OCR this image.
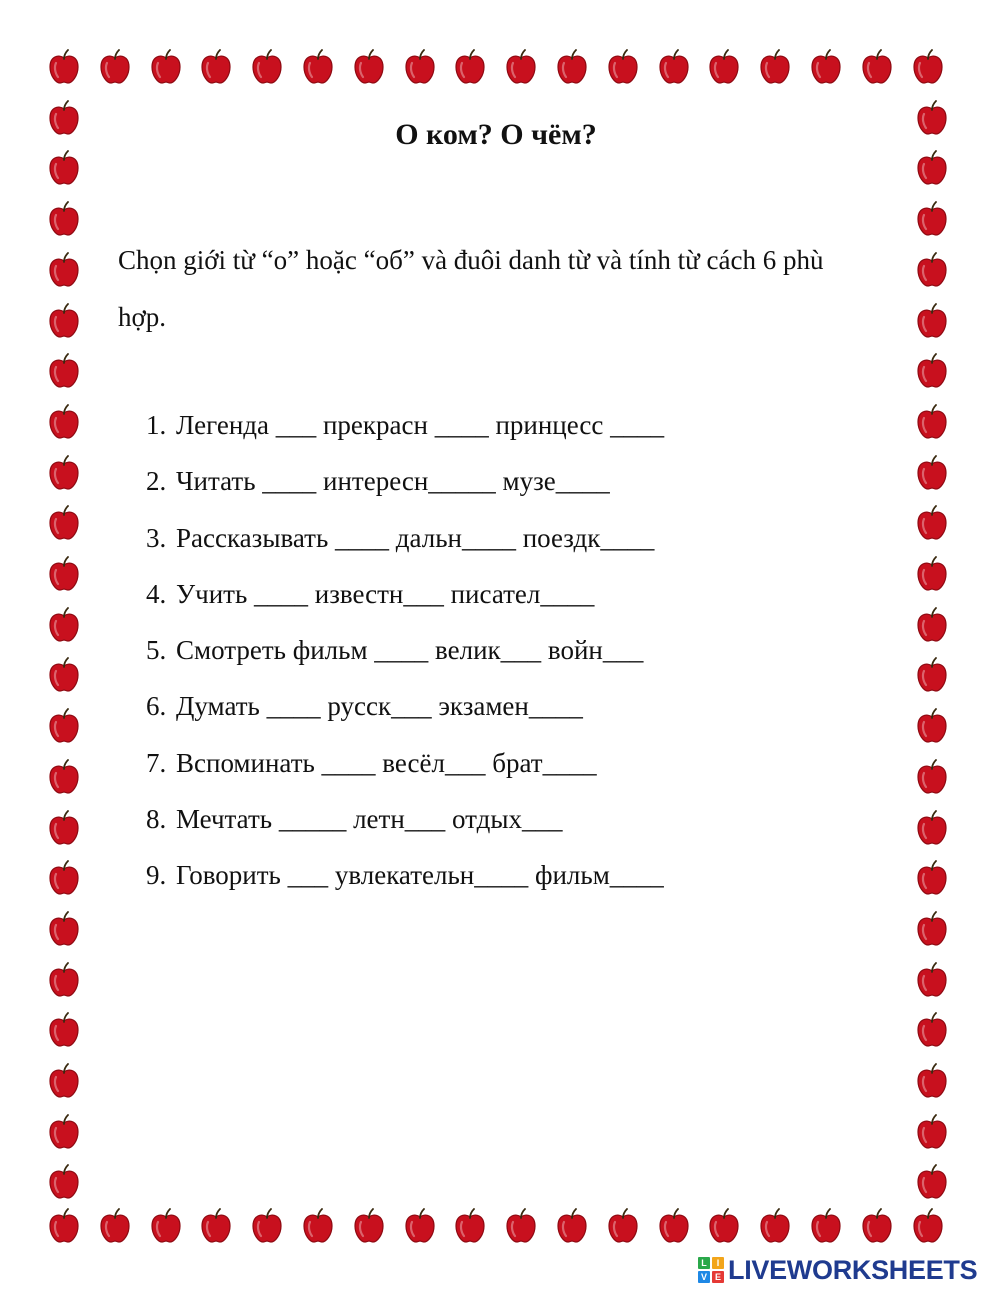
О ком? О чём?

Chọn giới từ “о” hoặc “об” và đuôi danh từ và tính từ cách 6 phù hợp.

1. Легенда ___ прекрасн ____ принцесс ____
2. Читать ____ интересн_____ музе____
3. Рассказывать ____ дальн____ поездк____
4. Учить ____ известн___ писател____
5. Смотреть фильм ____ велик___ войн___
6. Думать ____ русск___ экзамен____
7. Вспоминать ____ весёл___ брат____
8. Мечтать _____ летн___ отдых___
9. Говорить ___ увлекательн____ фильм____
L	I
V E LIVEWORKSHEETS
